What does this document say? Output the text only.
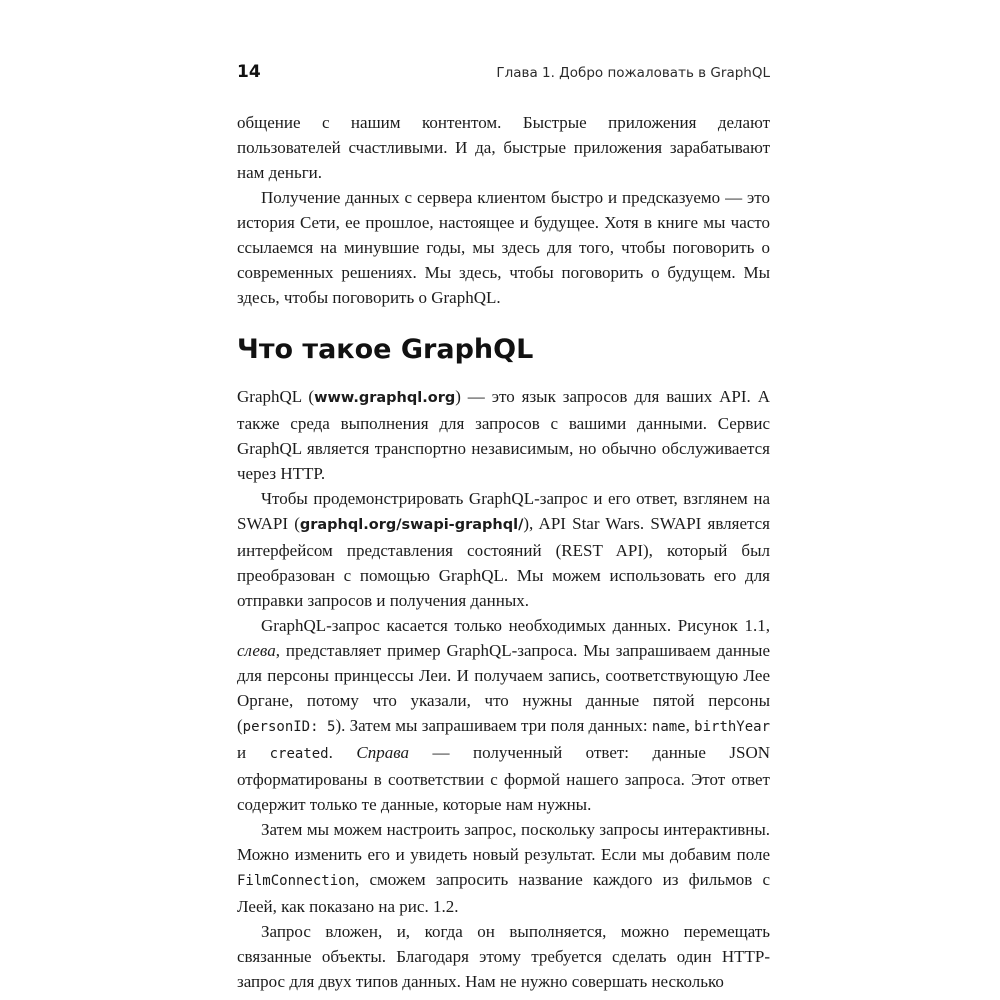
14	Глава 1. Добро пожаловать в GraphQL

общение с нашим контентом. Быстрые приложения делают пользователей счастливыми. И да, быстрые приложения зарабатывают нам деньги.

Получение данных с сервера клиентом быстро и предсказуемо — это история Сети, ее прошлое, настоящее и будущее. Хотя в книге мы часто ссылаемся на минувшие годы, мы здесь для того, чтобы поговорить о современных решениях. Мы здесь, чтобы поговорить о будущем. Мы здесь, чтобы поговорить о GraphQL.

Что такое GraphQL

GraphQL (www.graphql.org) — это язык запросов для ваших API. А также среда выполнения для запросов с вашими данными. Сервис GraphQL является транспортно независимым, но обычно обслуживается через HTTP.

Чтобы продемонстрировать GraphQL-запрос и его ответ, взглянем на SWAPI (graphql.org/swapi-graphql/), API Star Wars. SWAPI является интерфейсом представления состояний (REST API), который был преобразован с помощью GraphQL. Мы можем использовать его для отправки запросов и получения данных.

GraphQL-запрос касается только необходимых данных. Рисунок 1.1, слева, представляет пример GraphQL-запроса. Мы запрашиваем данные для персоны принцессы Леи. И получаем запись, соответствующую Лее Органе, потому что указали, что нужны данные пятой персоны (personID: 5). Затем мы запрашиваем три поля данных: name, birthYear и created. Справа — полученный ответ: данные JSON отформатированы в соответствии с формой нашего запроса. Этот ответ содержит только те данные, которые нам нужны.

Затем мы можем настроить запрос, поскольку запросы интерактивны. Можно изменить его и увидеть новый результат. Если мы добавим поле FilmConnection, сможем запросить название каждого из фильмов с Леей, как показано на рис. 1.2.

Запрос вложен, и, когда он выполняется, можно перемещать связанные объекты. Благодаря этому требуется сделать один HTTP-запрос для двух типов данных. Нам не нужно совершать несколько
